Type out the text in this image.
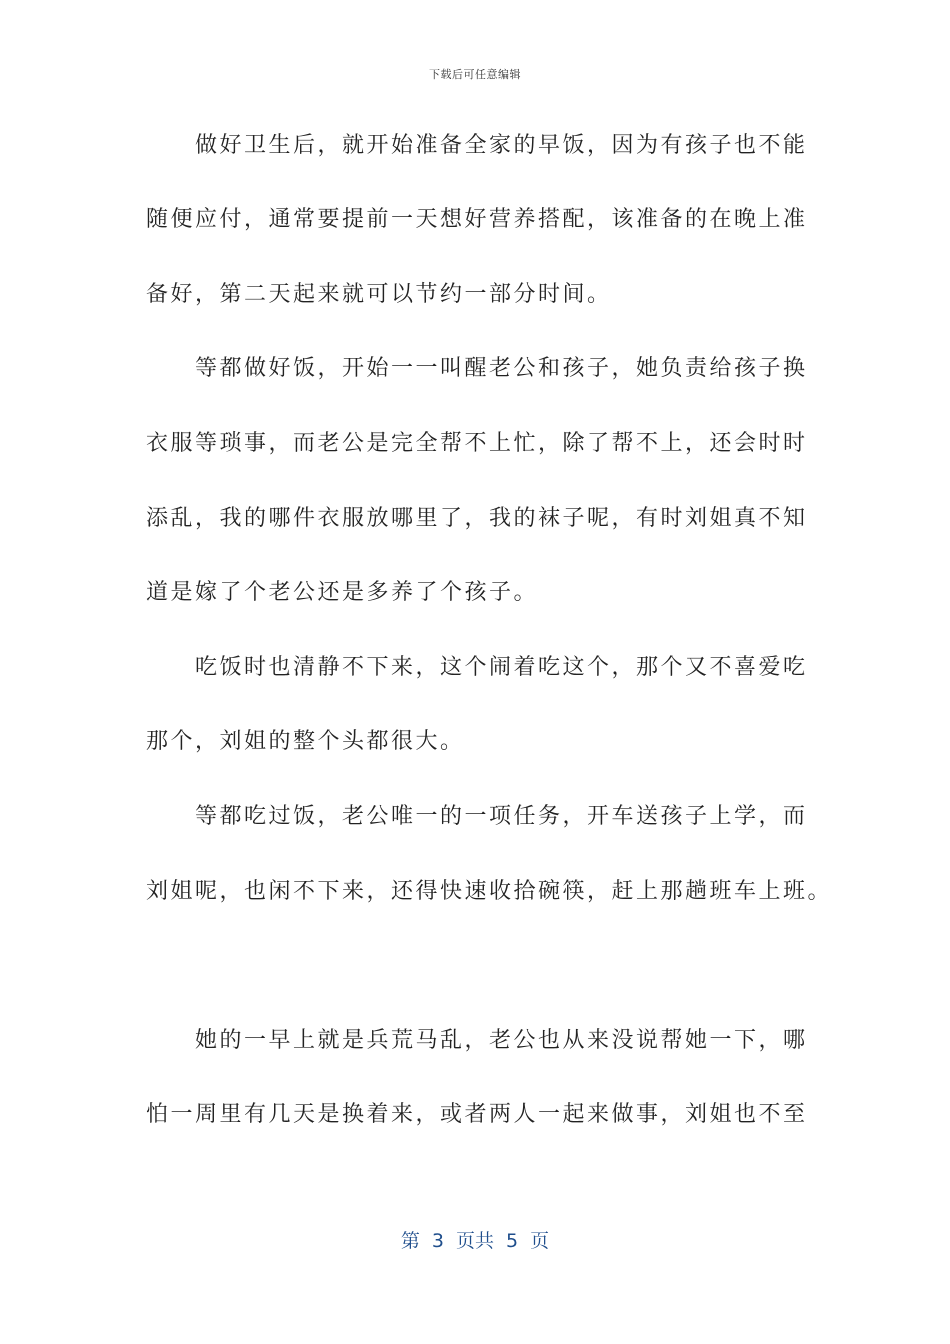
下载后可任意编辑
　　做好卫生后，就开始准备全家的早饭，因为有孩子也不能
随便应付，通常要提前一天想好营养搭配，该准备的在晚上准
备好，第二天起来就可以节约一部分时间。
　　等都做好饭，开始一一叫醒老公和孩子，她负责给孩子换
衣服等琐事，而老公是完全帮不上忙，除了帮不上，还会时时
添乱，我的哪件衣服放哪里了，我的袜子呢，有时刘姐真不知
道是嫁了个老公还是多养了个孩子。
　　吃饭时也清静不下来，这个闹着吃这个，那个又不喜爱吃
那个，刘姐的整个头都很大。
　　等都吃过饭，老公唯一的一项任务，开车送孩子上学，而
刘姐呢，也闲不下来，还得快速收拾碗筷，赶上那趟班车上班。
　　她的一早上就是兵荒马乱，老公也从来没说帮她一下，哪
怕一周里有几天是换着来，或者两人一起来做事，刘姐也不至
第 3 页共 5 页
